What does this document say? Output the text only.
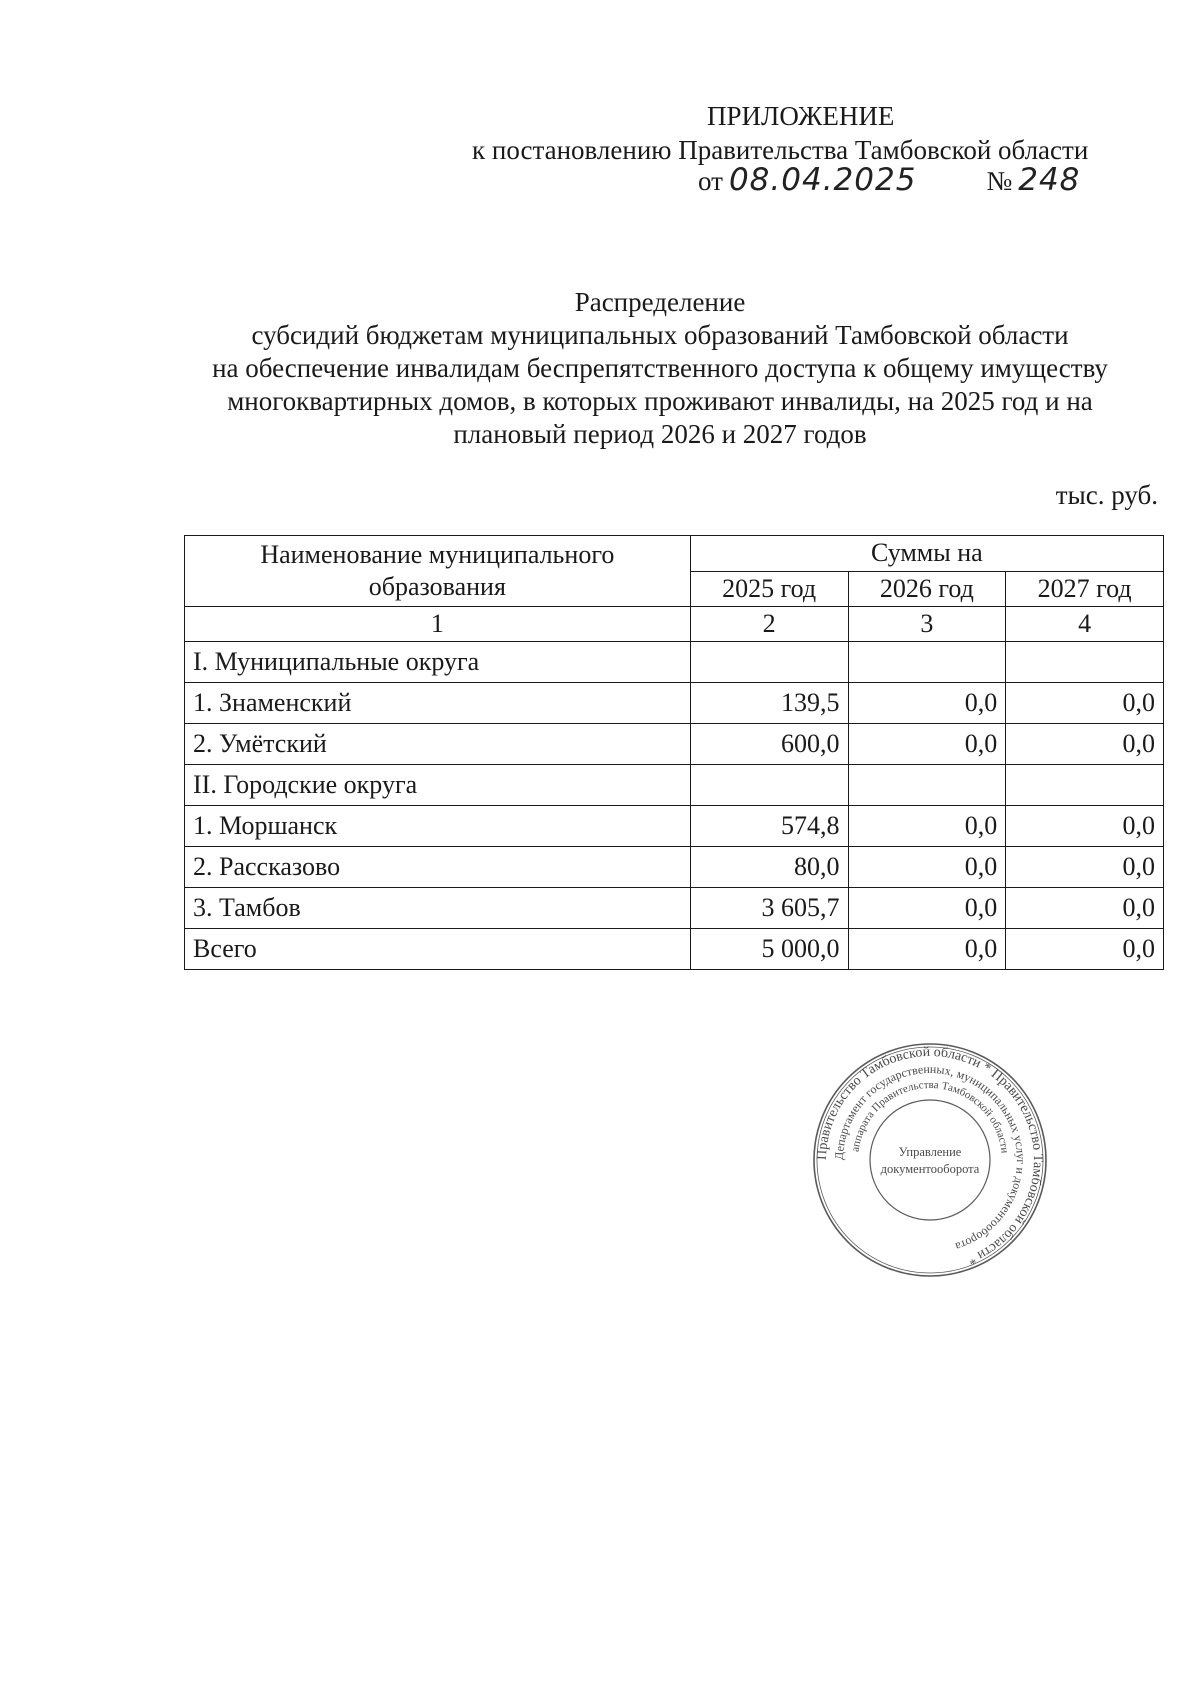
ПРИЛОЖЕНИЕ
к постановлению Правительства Тамбовской области
от 08.04.2025	№ 248
Распределение
субсидий бюджетам муниципальных образований Тамбовской области
на обеспечение инвалидам беспрепятственного доступа к общему имуществу
многоквартирных домов, в которых проживают инвалиды, на 2025 год и на
плановый период 2026 и 2027 годов
тыс. руб.
Наименование муниципального образования	Суммы на		
	2025 год	2026 год	2027 год
1	2	3	4
I. Муниципальные округа			
1. Знаменский	139,5	0,0	0,0
2. Умётский	600,0	0,0	0,0
II. Городские округа			
1. Моршанск	574,8	0,0	0,0
2. Рассказово	80,0	0,0	0,0
3. Тамбов	3 605,7	0,0	0,0
Всего	5 000,0	0,0	0,0
Правительство Тамбовской области * Правительство Тамбовской области *
Департамент государственных, муниципальных услуг и документооборота
аппарата Правительства Тамбовской области
Управление
документооборота
